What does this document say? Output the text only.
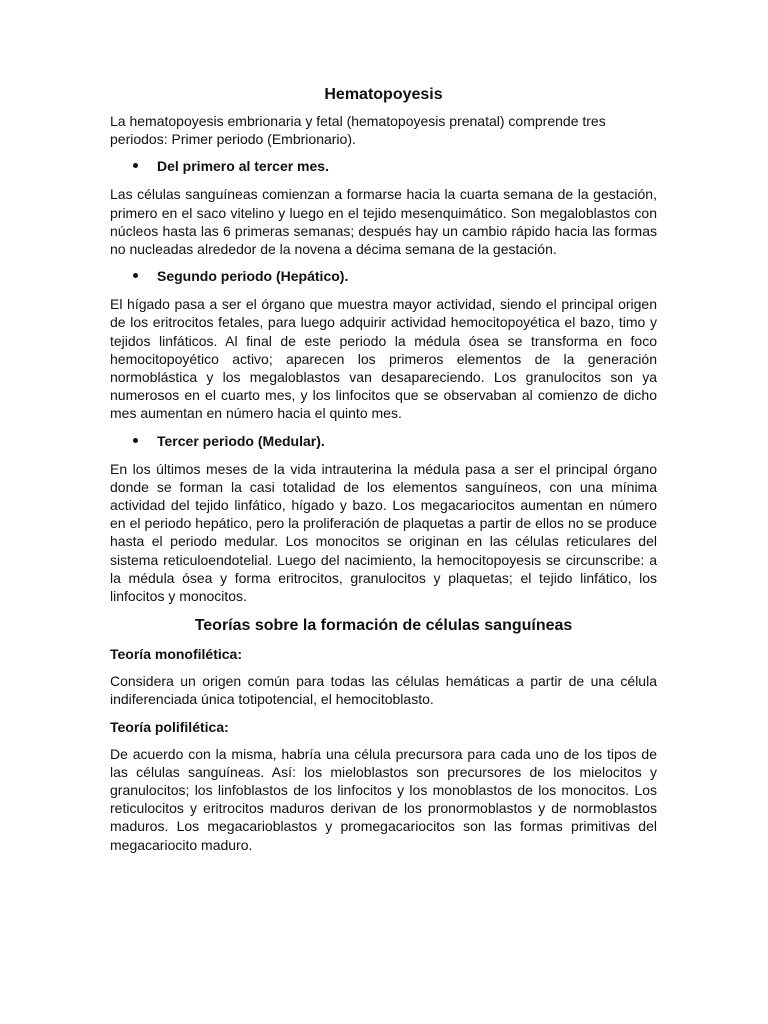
Hematopoyesis

La hematopoyesis embrionaria y fetal (hematopoyesis prenatal) comprende tres periodos: Primer periodo (Embrionario).

Del primero al tercer mes.

Las células sanguíneas comienzan a formarse hacia la cuarta semana de la gestación, primero en el saco vitelino y luego en el tejido mesenquimático. Son megaloblastos con núcleos hasta las 6 primeras semanas; después hay un cambio rápido hacia las formas no nucleadas alrededor de la novena a décima semana de la gestación.

Segundo periodo (Hepático).

El hígado pasa a ser el órgano que muestra mayor actividad, siendo el principal origen de los eritrocitos fetales, para luego adquirir actividad hemocitopoyética el bazo, timo y tejidos linfáticos. Al final de este periodo la médula ósea se transforma en foco hemocitopoyético activo; aparecen los primeros elementos de la generación normoblástica y los megaloblastos van desapareciendo. Los granulocitos son ya numerosos en el cuarto mes, y los linfocitos que se observaban al comienzo de dicho mes aumentan en número hacia el quinto mes.

Tercer periodo (Medular).

En los últimos meses de la vida intrauterina la médula pasa a ser el principal órgano donde se forman la casi totalidad de los elementos sanguíneos, con una mínima actividad del tejido linfático, hígado y bazo. Los megacariocitos aumentan en número en el periodo hepático, pero la proliferación de plaquetas a partir de ellos no se produce hasta el periodo medular. Los monocitos se originan en las células reticulares del sistema reticuloendotelial. Luego del nacimiento, la hemocitopoyesis se circunscribe: a la médula ósea y forma eritrocitos, granulocitos y plaquetas; el tejido linfático, los linfocitos y monocitos.

Teorías sobre la formación de células sanguíneas
Teoría monofilética:

Considera un origen común para todas las células hemáticas a partir de una célula indiferenciada única totipotencial, el hemocitoblasto.

Teoría polifilética:

De acuerdo con la misma, habría una célula precursora para cada uno de los tipos de las células sanguíneas. Así: los mieloblastos son precursores de los mielocitos y granulocitos; los linfoblastos de los linfocitos y los monoblastos de los monocitos. Los reticulocitos y eritrocitos maduros derivan de los pronormoblastos y de normoblastos maduros. Los megacarioblastos y promegacariocitos son las formas primitivas del megacariocito maduro.
